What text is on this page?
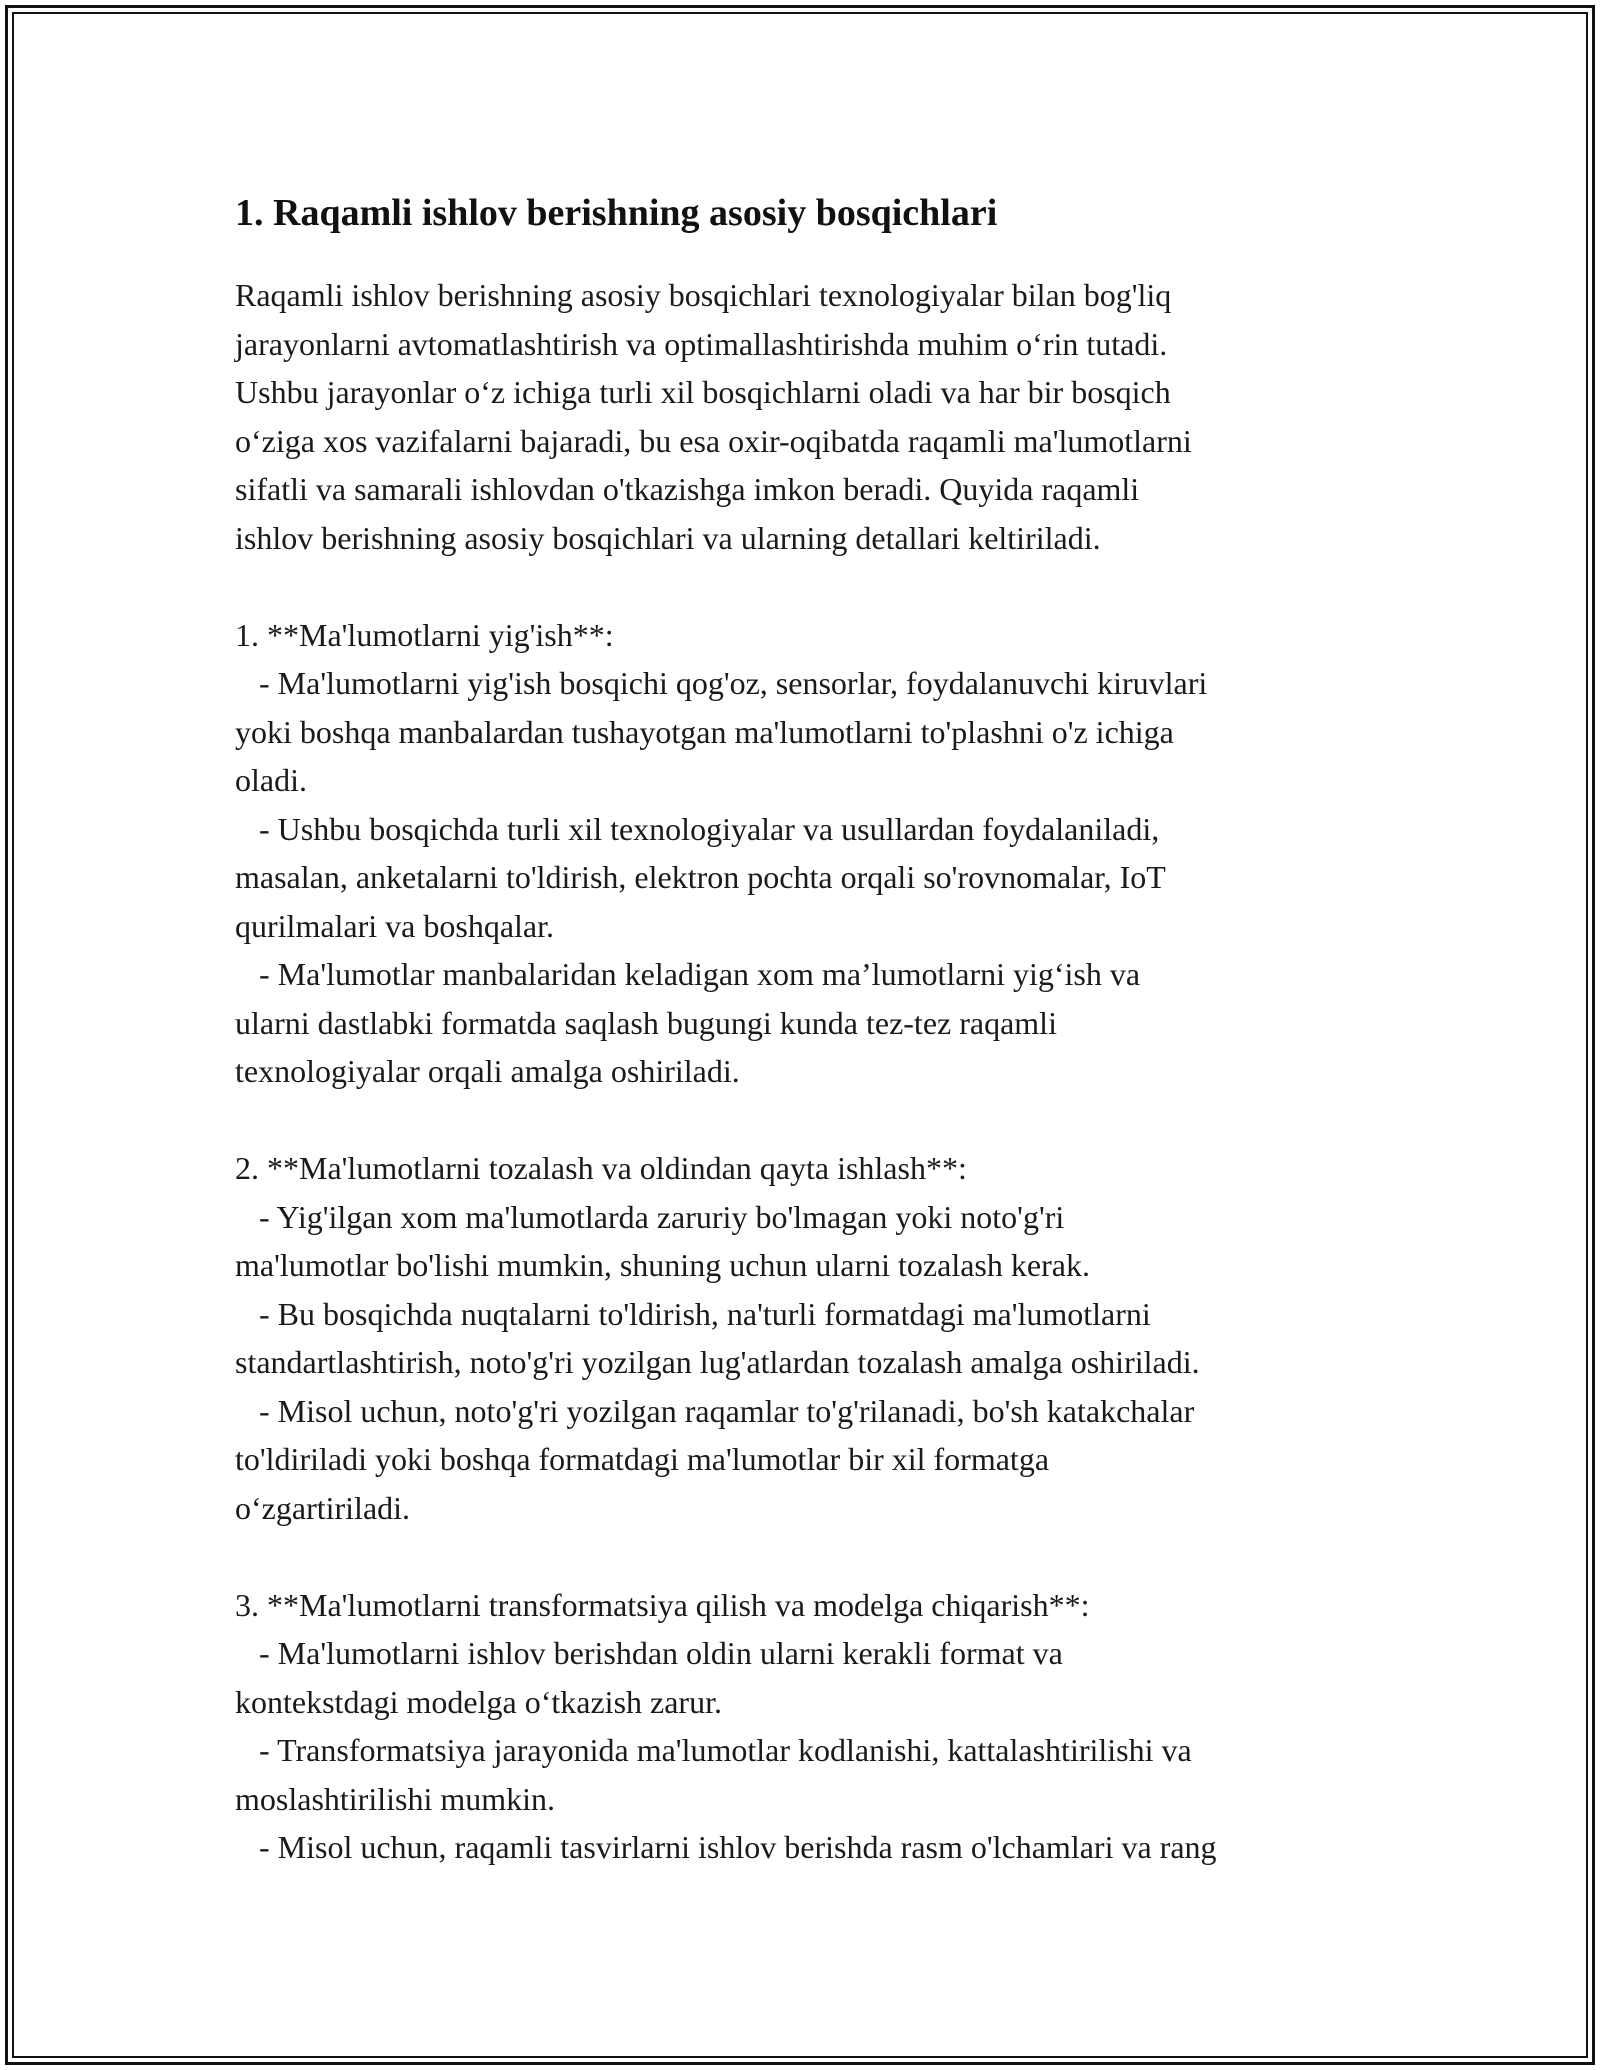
1. Raqamli ishlov berishning asosiy bosqichlari
Raqamli ishlov berishning asosiy bosqichlari texnologiyalar bilan bog'liq
jarayonlarni avtomatlashtirish va optimallashtirishda muhim o‘rin tutadi.
Ushbu jarayonlar o‘z ichiga turli xil bosqichlarni oladi va har bir bosqich
o‘ziga xos vazifalarni bajaradi, bu esa oxir-oqibatda raqamli ma'lumotlarni
sifatli va samarali ishlovdan o'tkazishga imkon beradi. Quyida raqamli
ishlov berishning asosiy bosqichlari va ularning detallari keltiriladi.
1. **Ma'lumotlarni yig'ish**:
- Ma'lumotlarni yig'ish bosqichi qog'oz, sensorlar, foydalanuvchi kiruvlari
yoki boshqa manbalardan tushayotgan ma'lumotlarni to'plashni o'z ichiga
oladi.
- Ushbu bosqichda turli xil texnologiyalar va usullardan foydalaniladi,
masalan, anketalarni to'ldirish, elektron pochta orqali so'rovnomalar, IoT
qurilmalari va boshqalar.
- Ma'lumotlar manbalaridan keladigan xom ma’lumotlarni yig‘ish va
ularni dastlabki formatda saqlash bugungi kunda tez-tez raqamli
texnologiyalar orqali amalga oshiriladi.
2. **Ma'lumotlarni tozalash va oldindan qayta ishlash**:
- Yig'ilgan xom ma'lumotlarda zaruriy bo'lmagan yoki noto'g'ri
ma'lumotlar bo'lishi mumkin, shuning uchun ularni tozalash kerak.
- Bu bosqichda nuqtalarni to'ldirish, na'turli formatdagi ma'lumotlarni
standartlashtirish, noto'g'ri yozilgan lug'atlardan tozalash amalga oshiriladi.
- Misol uchun, noto'g'ri yozilgan raqamlar to'g'rilanadi, bo'sh katakchalar
to'ldiriladi yoki boshqa formatdagi ma'lumotlar bir xil formatga
o‘zgartiriladi.
3. **Ma'lumotlarni transformatsiya qilish va modelga chiqarish**:
- Ma'lumotlarni ishlov berishdan oldin ularni kerakli format va
kontekstdagi modelga o‘tkazish zarur.
- Transformatsiya jarayonida ma'lumotlar kodlanishi, kattalashtirilishi va
moslashtirilishi mumkin.
- Misol uchun, raqamli tasvirlarni ishlov berishda rasm o'lchamlari va rang
